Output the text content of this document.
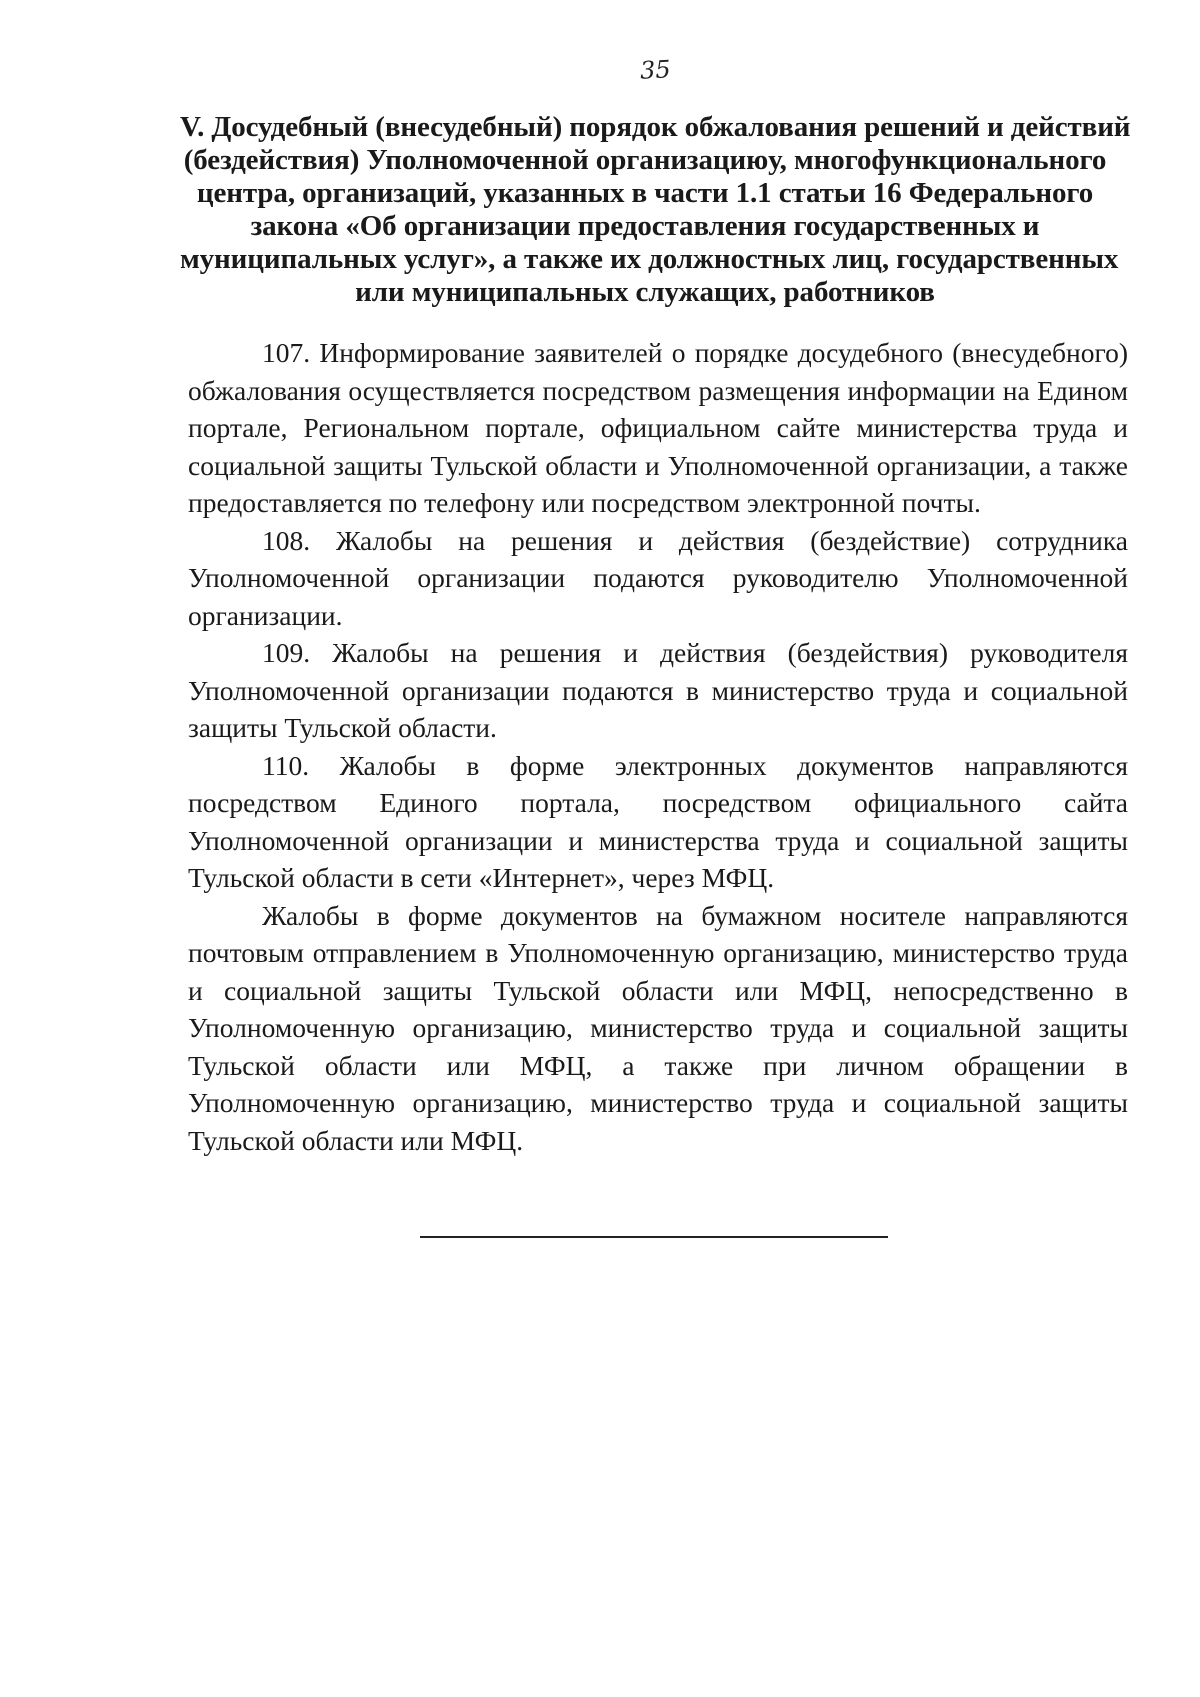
35
V. Досудебный (внесудебный) порядок обжалования решений и действий
(бездействия) Уполномоченной организациюу, многофункционального
центра, организаций, указанных в части 1.1 статьи 16 Федерального
закона «Об организации предоставления государственных и
муниципальных услуг», а также их должностных лиц, государственных
или муниципальных служащих, работников

107. Информирование заявителей о порядке досудебного (внесудебного) обжалования осуществляется посредством размещения информации на Едином портале, Региональном портале, официальном сайте министерства труда и социальной защиты Тульской области и Уполномоченной организации, а также предоставляется по телефону или посредством электронной почты.

108. Жалобы на решения и действия (бездействие) сотрудника Уполномоченной организации подаются руководителю Уполномоченной организации.

109. Жалобы на решения и действия (бездействия) руководителя Уполномоченной организации подаются в министерство труда и социальной защиты Тульской области.

110. Жалобы в форме электронных документов направляются посредством Единого портала, посредством официального сайта Уполномоченной организации и министерства труда и социальной защиты Тульской области в сети «Интернет», через МФЦ.

Жалобы в форме документов на бумажном носителе направляются почтовым отправлением в Уполномоченную организацию, министерство труда и социальной защиты Тульской области или МФЦ, непосредственно в Уполномоченную организацию, министерство труда и социальной защиты Тульской области или МФЦ, а также при личном обращении в Уполномоченную организацию, министерство труда и социальной защиты Тульской области или МФЦ.
